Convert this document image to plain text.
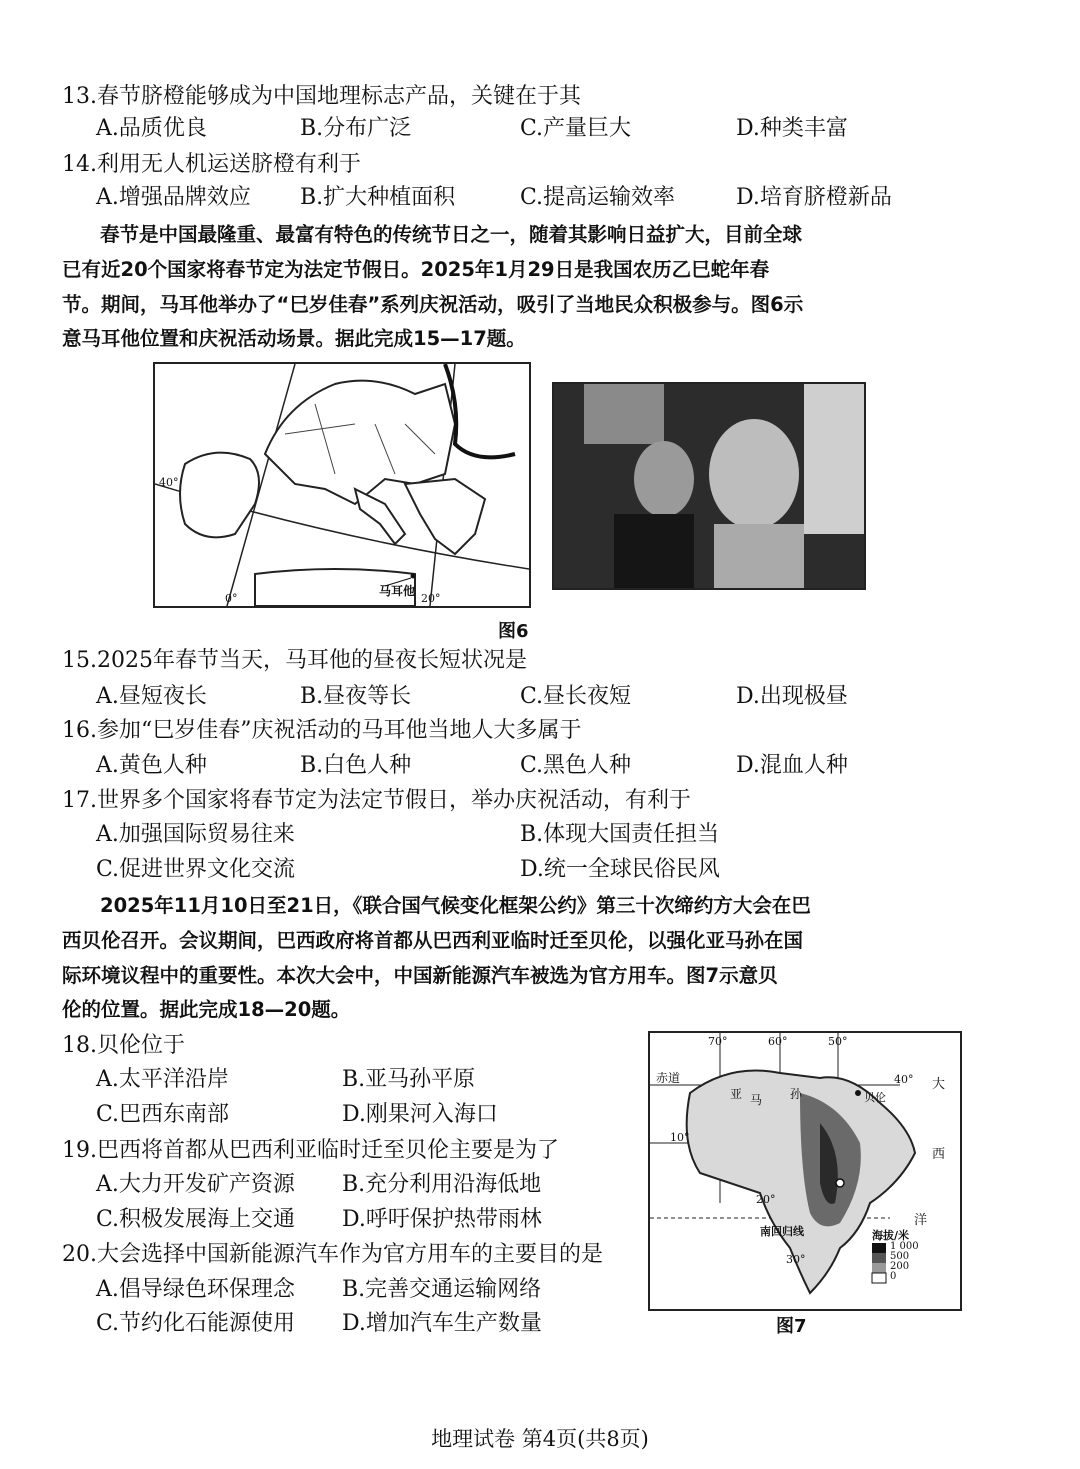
13.春节脐橙能够成为中国地理标志产品，关键在于其
A.品质优良	B.分布广泛	C.产量巨大	D.种类丰富
14.利用无人机运送脐橙有利于
A.增强品牌效应 B.扩大种植面积	C.提高运输效率	D.培育脐橙新品
春节是中国最隆重、最富有特色的传统节日之一，随着其影响日益扩大，目前全球
已有近20个国家将春节定为法定节假日。2025年1月29日是我国农历乙巳蛇年春
节。期间，马耳他举办了“巳岁佳春”系列庆祝活动，吸引了当地民众积极参与。图6示
意马耳他位置和庆祝活动场景。据此完成15—17题。
40°
0°	20°
马耳他
图6
15.2025年春节当天，马耳他的昼夜长短状况是
A.昼短夜长	B.昼夜等长	C.昼长夜短	D.出现极昼
16.参加“巳岁佳春”庆祝活动的马耳他当地人大多属于
A.黄色人种	B.白色人种	C.黑色人种	D.混血人种
17.世界多个国家将春节定为法定节假日，举办庆祝活动，有利于
A.加强国际贸易往来	B.体现大国责任担当
C.促进世界文化交流	D.统一全球民俗民风
2025年11月10日至21日，《联合国气候变化框架公约》第三十次缔约方大会在巴
西贝伦召开。会议期间，巴西政府将首都从巴西利亚临时迁至贝伦，以强化亚马孙在国
际环境议程中的重要性。本次大会中，中国新能源汽车被选为官方用车。图7示意贝
伦的位置。据此完成18—20题。
18.贝伦位于
A.太平洋沿岸	B.亚马孙平原
C.巴西东南部	D.刚果河入海口
19.巴西将首都从巴西利亚临时迁至贝伦主要是为了
A.大力开发矿产资源 B.充分利用沿海低地
C.积极发展海上交通 D.呼吁保护热带雨林
20.大会选择中国新能源汽车作为官方用车的主要目的是
A.倡导绿色环保理念 B.完善交通运输网络
C.节约化石能源使用 D.增加汽车生产数量
赤道
亚 马 孙	贝伦
大
西
洋
南回归线
70°	60°	50°
40°
10°
20°
30°
海拔/米
1 000
500
200
0
图7
地理试卷 第4页(共8页)
